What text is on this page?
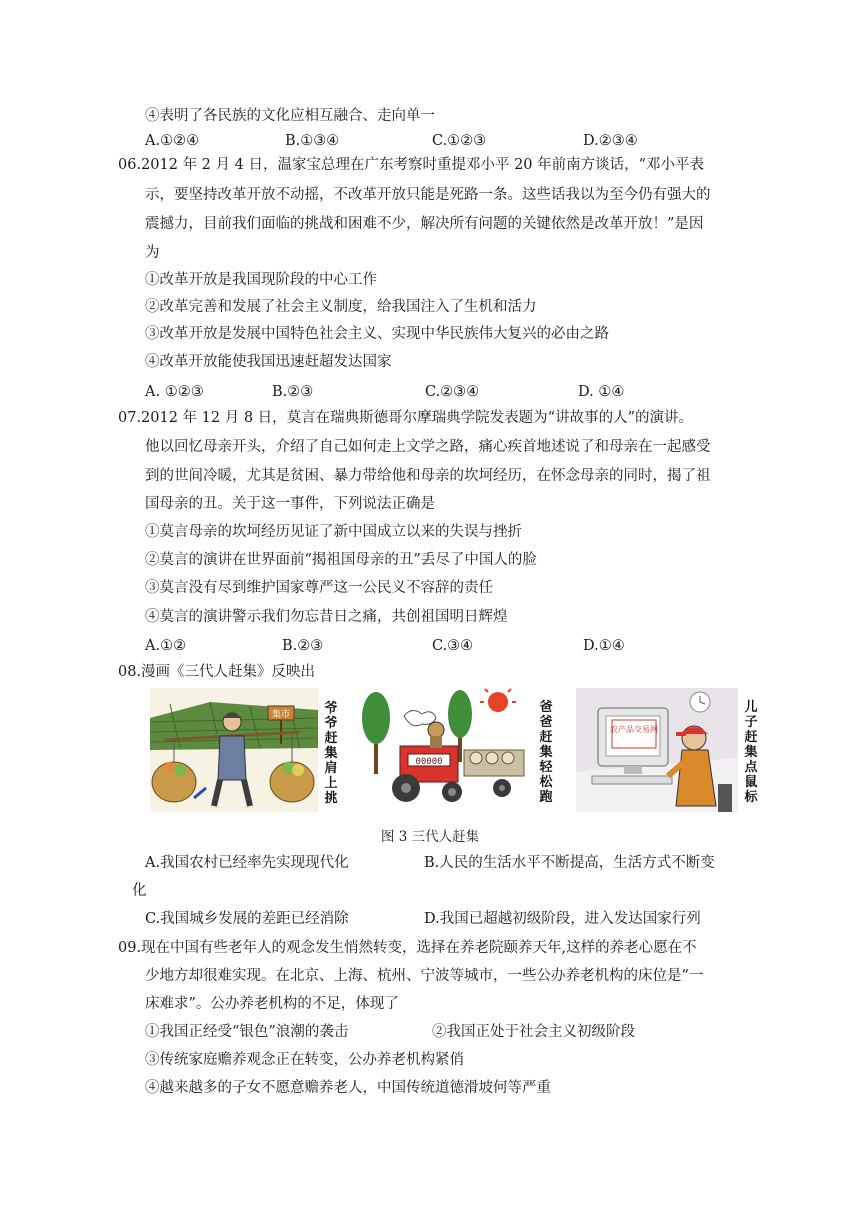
④表明了各民族的文化应相互融合、走向单一
A.①②④	B.①③④	C.①②③	D.②③④
06.2012 年 2 月 4 日，温家宝总理在广东考察时重提邓小平 20 年前南方谈话，“邓小平表
示，要坚持改革开放不动摇，不改革开放只能是死路一条。这些话我以为至今仍有强大的
震撼力，目前我们面临的挑战和困难不少，解决所有问题的关键依然是改革开放！”是因
为
①改革开放是我国现阶段的中心工作
②改革完善和发展了社会主义制度，给我国注入了生机和活力
③改革开放是发展中国特色社会主义、实现中华民族伟大复兴的必由之路
④改革开放能使我国迅速赶超发达国家
A. ①②③	B.②③	C.②③④	D. ①④
07.2012 年 12 月 8 日，莫言在瑞典斯德哥尔摩瑞典学院发表题为“讲故事的人”的演讲。
他以回忆母亲开头，介绍了自己如何走上文学之路，痛心疾首地述说了和母亲在一起感受
到的世间冷暖，尤其是贫困、暴力带给他和母亲的坎坷经历，在怀念母亲的同时，揭了祖
国母亲的丑。关于这一事件，下列说法正确是
①莫言母亲的坎坷经历见证了新中国成立以来的失误与挫折
②莫言的演讲在世界面前“揭祖国母亲的丑”丢尽了中国人的脸
③莫言没有尽到维护国家尊严这一公民义不容辞的责任
④莫言的演讲警示我们勿忘昔日之痛，共创祖国明日辉煌
A.①②	B.②③	C.③④	D.①④
08.漫画《三代人赶集》反映出
集市	爷
爷
赶
集
肩
上
挑
00000
爸
爸
赶
集
轻
松
跑
农产品交易网
儿
子
赶
集
点
鼠
标
图 3 三代人赶集
A.我国农村已经率先实现现代化	B.人民的生活水平不断提高，生活方式不断变
化
C.我国城乡发展的差距已经消除	D.我国已超越初级阶段，进入发达国家行列
09.现在中国有些老年人的观念发生悄然转变，选择在养老院颐养天年,这样的养老心愿在不
少地方却很难实现。在北京、上海、杭州、宁波等城市，一些公办养老机构的床位是“一
床难求”。公办养老机构的不足，体现了
①我国正经受“银色”浪潮的袭击	②我国正处于社会主义初级阶段
③传统家庭赡养观念正在转变，公办养老机构紧俏
④越来越多的子女不愿意赡养老人，中国传统道德滑坡何等严重
